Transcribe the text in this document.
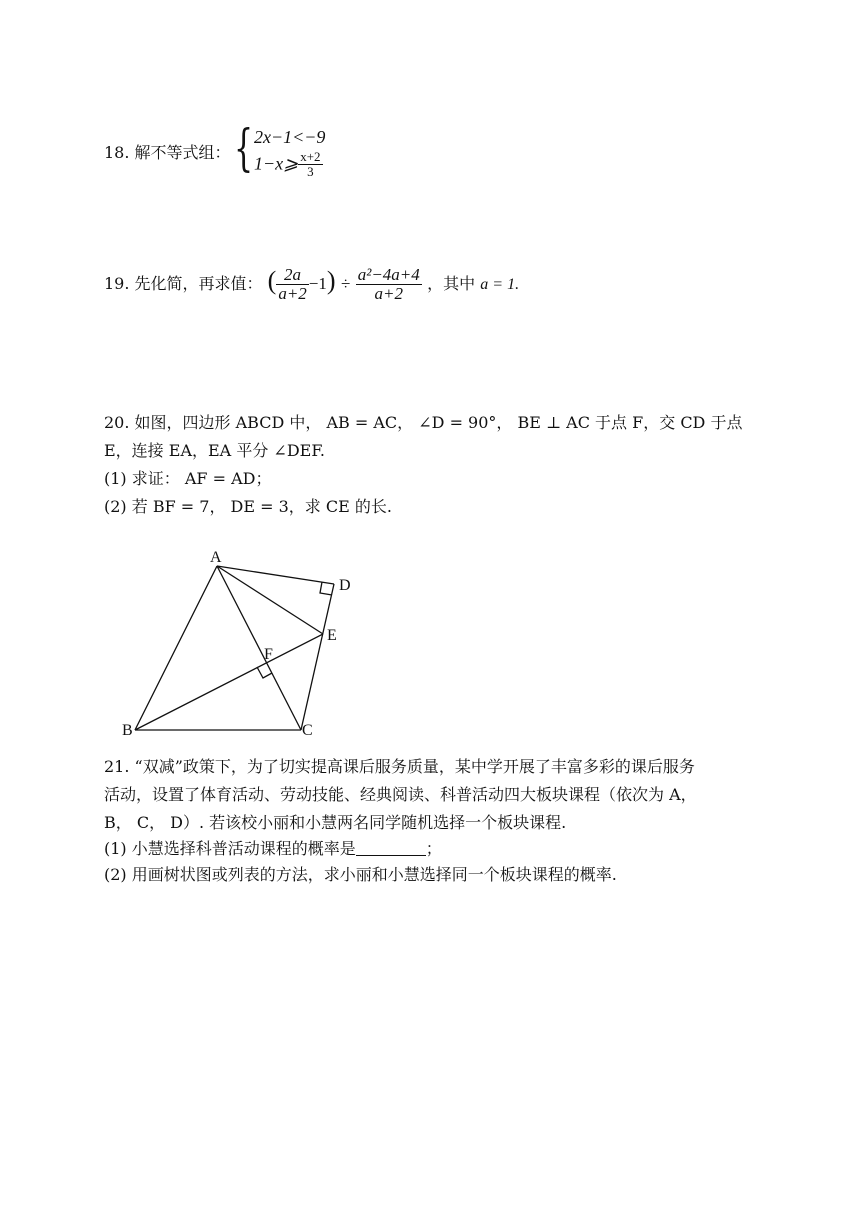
18. 解不等式组： { 2x−1<−9
1−x⩾ $\frac{x+2}{3}$
19. 先化简，再求值： ( $\frac{2a}{a+2} -1) \div \frac{\text{a²−4a+4}}{a+2}$ ，其中 a = 1.
20. 如图，四边形 ABCD 中， AB = AC， ∠D = 90°， BE ⊥ AC 于点 F，交 CD 于点
E，连接 EA，EA 平分 ∠DEF.
(1) 求证： AF = AD；
(2) 若 BF = 7， DE = 3，求 CE 的长.
A
D
E
F
B	C
21. “双减”政策下，为了切实提高课后服务质量，某中学开展了丰富多彩的课后服务
活动，设置了体育活动、劳动技能、经典阅读、科普活动四大板块课程（依次为 A，
B， C， D）. 若该校小丽和小慧两名同学随机选择一个板块课程.
(1) 小慧选择科普活动课程的概率是	；
(2) 用画树状图或列表的方法，求小丽和小慧选择同一个板块课程的概率.
